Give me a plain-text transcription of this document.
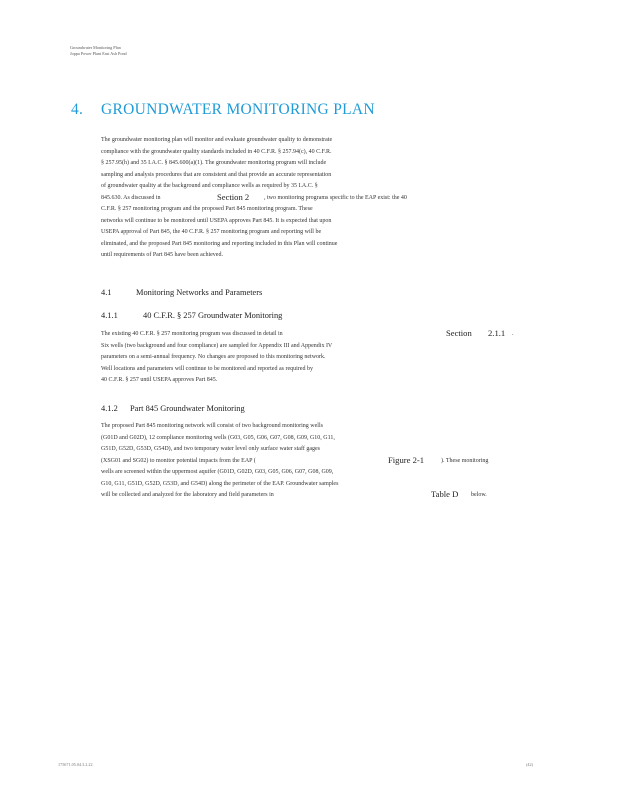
Groundwater Monitoring Plan
Joppa Power Plant East Ash Pond
4. GROUNDWATER MONITORING PLAN
The groundwater monitoring plan will monitor and evaluate groundwater quality to demonstrate
compliance with the groundwater quality standards included in 40 C.F.R. § 257.94(c), 40 C.F.R.
§ 257.95(h) and 35 I.A.C. § 845.600(a)(1). The groundwater monitoring program will include
sampling and analysis procedures that are consistent and that provide an accurate representation
of groundwater quality at the background and compliance wells as required by 35 I.A.C. §
845.630. As discussed in	Section 2 , two monitoring programs specific to the EAP exist: the 40
C.F.R. § 257 monitoring program and the proposed Part 845 monitoring program. These
networks will continue to be monitored until USEPA approves Part 845. It is expected that upon
USEPA approval of Part 845, the 40 C.F.R. § 257 monitoring program and reporting will be
eliminated, and the proposed Part 845 monitoring and reporting included in this Plan will continue
until requirements of Part 845 have been achieved.
4.1	Monitoring Networks and Parameters
4.1.1	40 C.F.R. § 257 Groundwater Monitoring
The existing 40 C.F.R. § 257 monitoring program was discussed in detail in	Section 2.1.1 .
Six wells (two background and four compliance) are sampled for Appendix III and Appendix IV
parameters on a semi-annual frequency. No changes are proposed to this monitoring network.
Well locations and parameters will continue to be monitored and reported as required by
40 C.F.R. § 257 until USEPA approves Part 845.
4.1.2 Part 845 Groundwater Monitoring
The proposed Part 845 monitoring network will consist of two background monitoring wells
(G01D and G02D), 12 compliance monitoring wells (G03, G05, G06, G07, G08, G09, G10, G11,
G51D, G52D, G53D, G54D), and two temporary water level only surface water staff gages
(XSG01 and SG02) to monitor potential impacts from the EAP (	Figure 2-1	). These monitoring
wells are screened within the uppermost aquifer (G01D, G02D, G03, G05, G06, G07, G08, G09,
G10, G11, G51D, G52D, G53D, and G54D) along the perimeter of the EAP. Groundwater samples
will be collected and analyzed for the laboratory and field parameters in	Table D below.
175671.05.04.3.2.22	(42)
